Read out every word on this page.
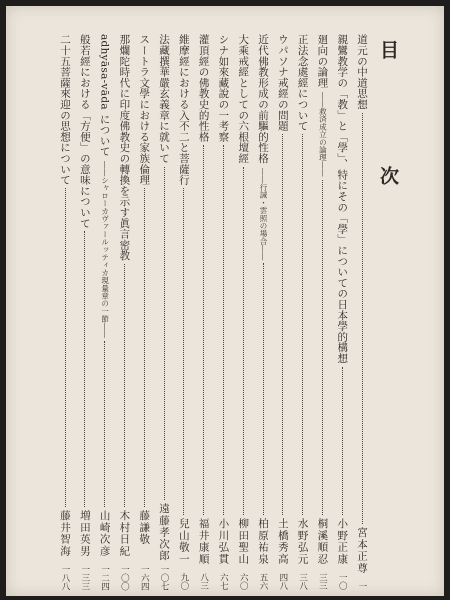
目　次
道元の中道思想
宮本正尊
一
親鸞教学の「教」と「學」、特にその「學」についての日本學的構想
小野正康
一〇
廻向の論理
――救済成立の論理――
桐溪順忍
三三
正法念處經について
水野弘元
三八
ウパソナ戒經の問題
土橋秀高
四八
近代佛教形成の前驅的性格
――行誡・雲照の場合――
柏原祐泉
五六
大乘戒經としての六根壇經
柳田聖山
六〇
シナ如來藏說の一考察
小川弘貫
六七
灌頂經の佛教史的性格
福井康順
八三
維摩經における入不二と菩薩行
兒山敬一
九〇
法藏撰華嚴玄義章に就いて
遠藤孝次郎
一〇七
スートラ文學における家族倫理
藤謙敬
一六四
那爛陀時代に印度佛教史の轉換を示す眞言密教
木村日紀
一〇〇
adhyāsa-vāda について
――シャローカヴァールッティカ現量章の一節――
山崎次彦
一二四
般若經における「方便」の意味について
増田英男
一三三
二十五菩薩來迎の思想について
藤井智海
一八八
